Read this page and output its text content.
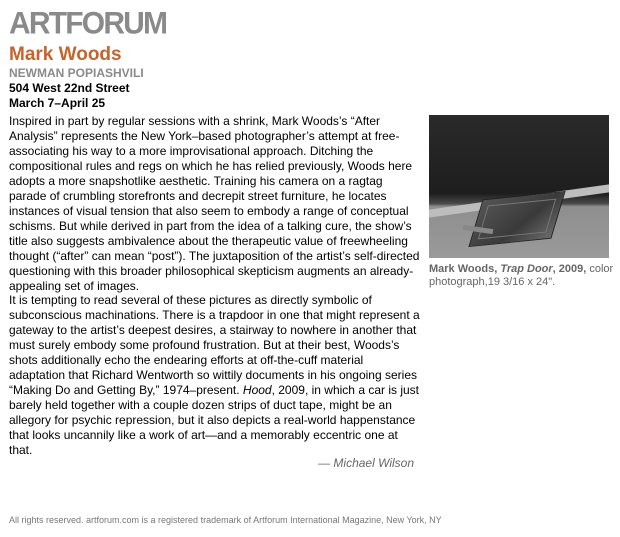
ARTFORUM
Mark Woods
NEWMAN POPIASHVILI
504 West 22nd Street
March 7–April 25

Inspired in part by regular sessions with a shrink, Mark Woods’s “After Analysis” represents the New York–based photographer’s attempt at free-associating his way to a more improvisational approach. Ditching the compositional rules and regs on which he has relied previously, Woods here adopts a more snapshotlike aesthetic. Training his camera on a ragtag parade of crumbling storefronts and decrepit street furniture, he locates instances of visual tension that also seem to embody a range of conceptual schisms. But while derived in part from the idea of a talking cure, the show’s title also suggests ambivalence about the therapeutic value of freewheeling thought (“after” can mean “post”). The juxtaposition of the artist’s self-directed questioning with this broader philosophical skepticism augments an already-appealing set of images.

It is tempting to read several of these pictures as directly symbolic of subconscious machinations. There is a trapdoor in one that might represent a gateway to the artist’s deepest desires, a stairway to nowhere in another that must surely embody some profound frustration. But at their best, Woods’s shots additionally echo the endearing efforts at off-the-cuff material adaptation that Richard Wentworth so wittily documents in his ongoing series “Making Do and Getting By,” 1974–present. Hood, 2009, in which a car is just barely held together with a couple dozen strips of duct tape, might be an allegory for psychic repression, but it also depicts a real-world happenstance that looks uncannily like a work of art—and a memorably eccentric one at that.

— Michael Wilson
Mark Woods, Trap Door, 2009, color photograph,19 3/16 x 24".
All rights reserved. artforum.com is a registered trademark of Artforum International Magazine, New York, NY
